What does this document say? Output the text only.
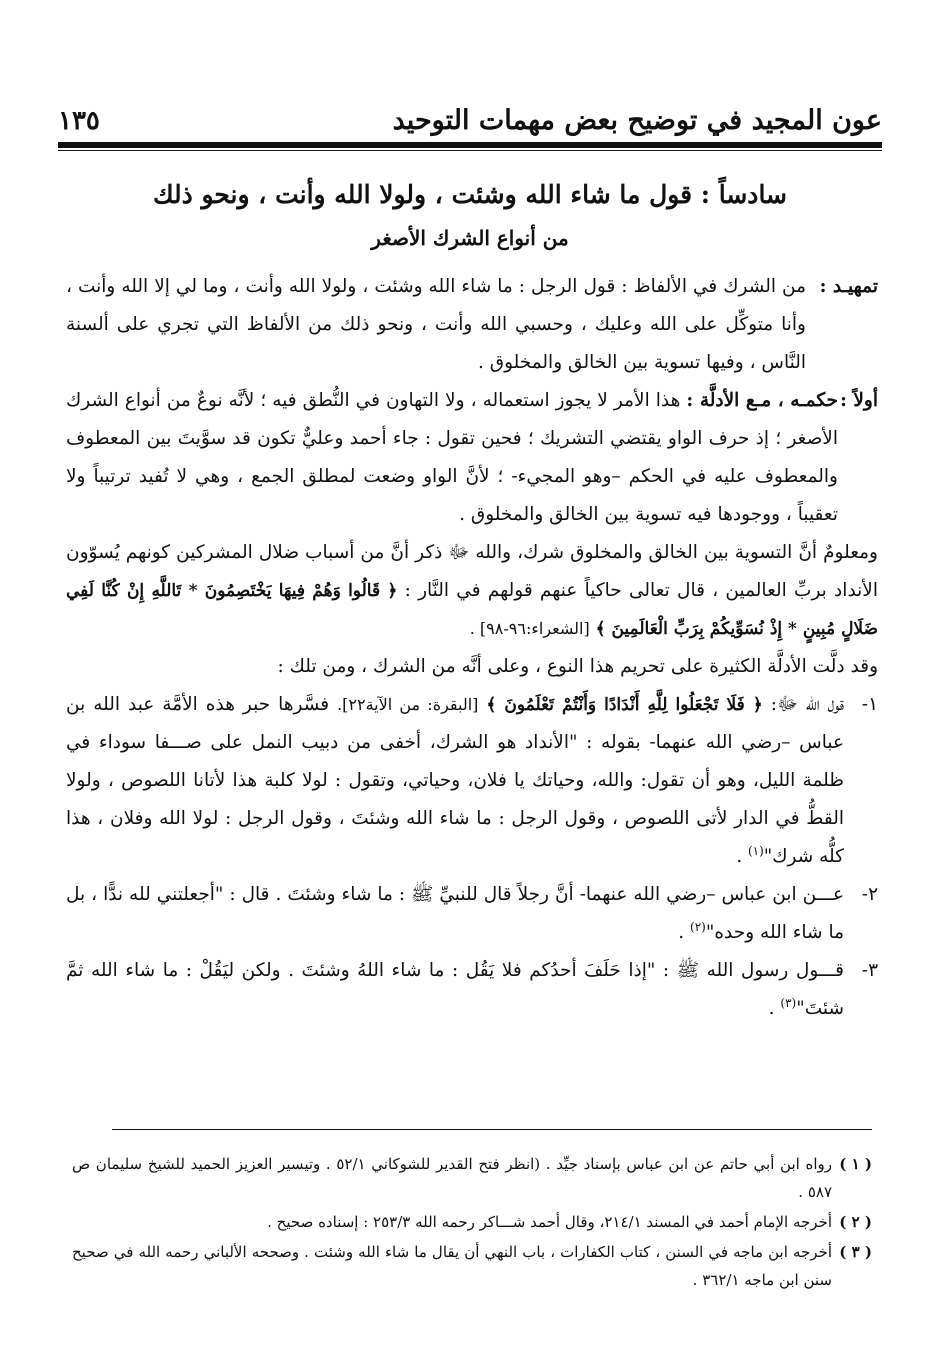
عون المجيد في توضيح بعض مهمات التوحيد
١٣٥
سادساً : قول ما شاء الله وشئت ، ولولا الله وأنت ، ونحو ذلك
من أنواع الشرك الأصغر
تمهيـد :
من الشرك في الألفاظ : قول الرجل : ما شاء الله وشئت ، ولولا الله وأنت ، وما لي إلا الله وأنت ، وأنا متوكِّل على الله وعليك ، وحسبي الله وأنت ، ونحو ذلك من الألفاظ التي تجري على ألسنة النَّاس ، وفيها تسوية بين الخالق والمخلوق .
أولاً :
حكمـه ، مـع الأدلَّة : هذا الأمر لا يجوز استعماله ، ولا التهاون في النُّطق فيه ؛ لأنَّه نوعٌ من أنواع الشرك الأصغر ؛ إذ حرف الواو يقتضي التشريك ؛ فحين تقول : جاء أحمد وعليٌّ تكون قد سوَّيتَ بين المعطوف والمعطوف عليه في الحكم –وهو المجيء- ؛ لأنَّ الواو وضعت لمطلق الجمع ، وهي لا تُفيد ترتيباً ولا تعقيباً ، ووجودها فيه تسوية بين الخالق والمخلوق .
ومعلومٌ أنَّ التسوية بين الخالق والمخلوق شرك، والله ﷻ ذكر أنَّ من أسباب ضلال المشركين كونهم يُسوّون الأنداد بربِّ العالمين ، قال تعالى حاكياً عنهم قولهم في النَّار : ﴿ قَالُوا وَهُمْ فِيهَا يَخْتَصِمُونَ * تَاللَّهِ إِنْ كُنَّا لَفِي ضَلَالٍ مُبِينٍ * إِذْ نُسَوِّيكُمْ بِرَبِّ الْعَالَمِينَ ﴾ [الشعراء:٩٦-٩٨] .
وقد دلَّت الأدلَّة الكثيرة على تحريم هذا النوع ، وعلى أنَّه من الشرك ، ومن تلك :
١-
قول الله ﷻ: ﴿ فَلَا تَجْعَلُوا لِلَّهِ أَنْدَادًا وَأَنْتُمْ تَعْلَمُونَ ﴾ [البقرة: من الآية٢٢]. فسَّرها حبر هذه الأمَّة عبد الله بن عباس –رضي الله عنهما- بقوله : "الأنداد هو الشرك، أخفى من دبيب النمل على صـــفا سوداء في ظلمة الليل، وهو أن تقول: والله، وحياتك يا فلان، وحياتي، وتقول : لولا كلبة هذا لأتانا اللصوص ، ولولا القطُّ في الدار لأتى اللصوص ، وقول الرجل : ما شاء الله وشئتَ ، وقول الرجل : لولا الله وفلان ، هذا كلُّه شرك"$^{(١)}$ .
٢-
عـــن ابن عباس –رضي الله عنهما- أنَّ رجلاً قال للنبيِّ ﷺ : ما شاء وشئتَ . قال : "أجعلتني لله ندًّا ، بل ما شاء الله وحده"$^{(٢)}$ .
٣-
قـــول رسول الله ﷺ : "إذا حَلَفَ أحدُكم فلا يَقُل : ما شاء اللهُ وشئتَ . ولكن ليَقُلْ : ما شاء الله ثمَّ شئتَ"$^{(٣)}$ .
( ١ )
رواه ابن أبي حاتم عن ابن عباس بإسناد جيِّد . (انظر فتح القدير للشوكاني ٥٢/١ . وتيسير العزيز الحميد للشيخ سليمان ص ٥٨٧ .
( ٢ )
أخرجه الإمام أحمد في المسند ٢١٤/١، وقال أحمد شـــاكر رحمه الله ٢٥٣/٣ : إسناده صحيح .
( ٣ )
أخرجه ابن ماجه في السنن ، كتاب الكفارات ، باب النهي أن يقال ما شاء الله وشئت . وصححه الألباني رحمه الله في صحيح سنن ابن ماجه ٣٦٢/١ .
